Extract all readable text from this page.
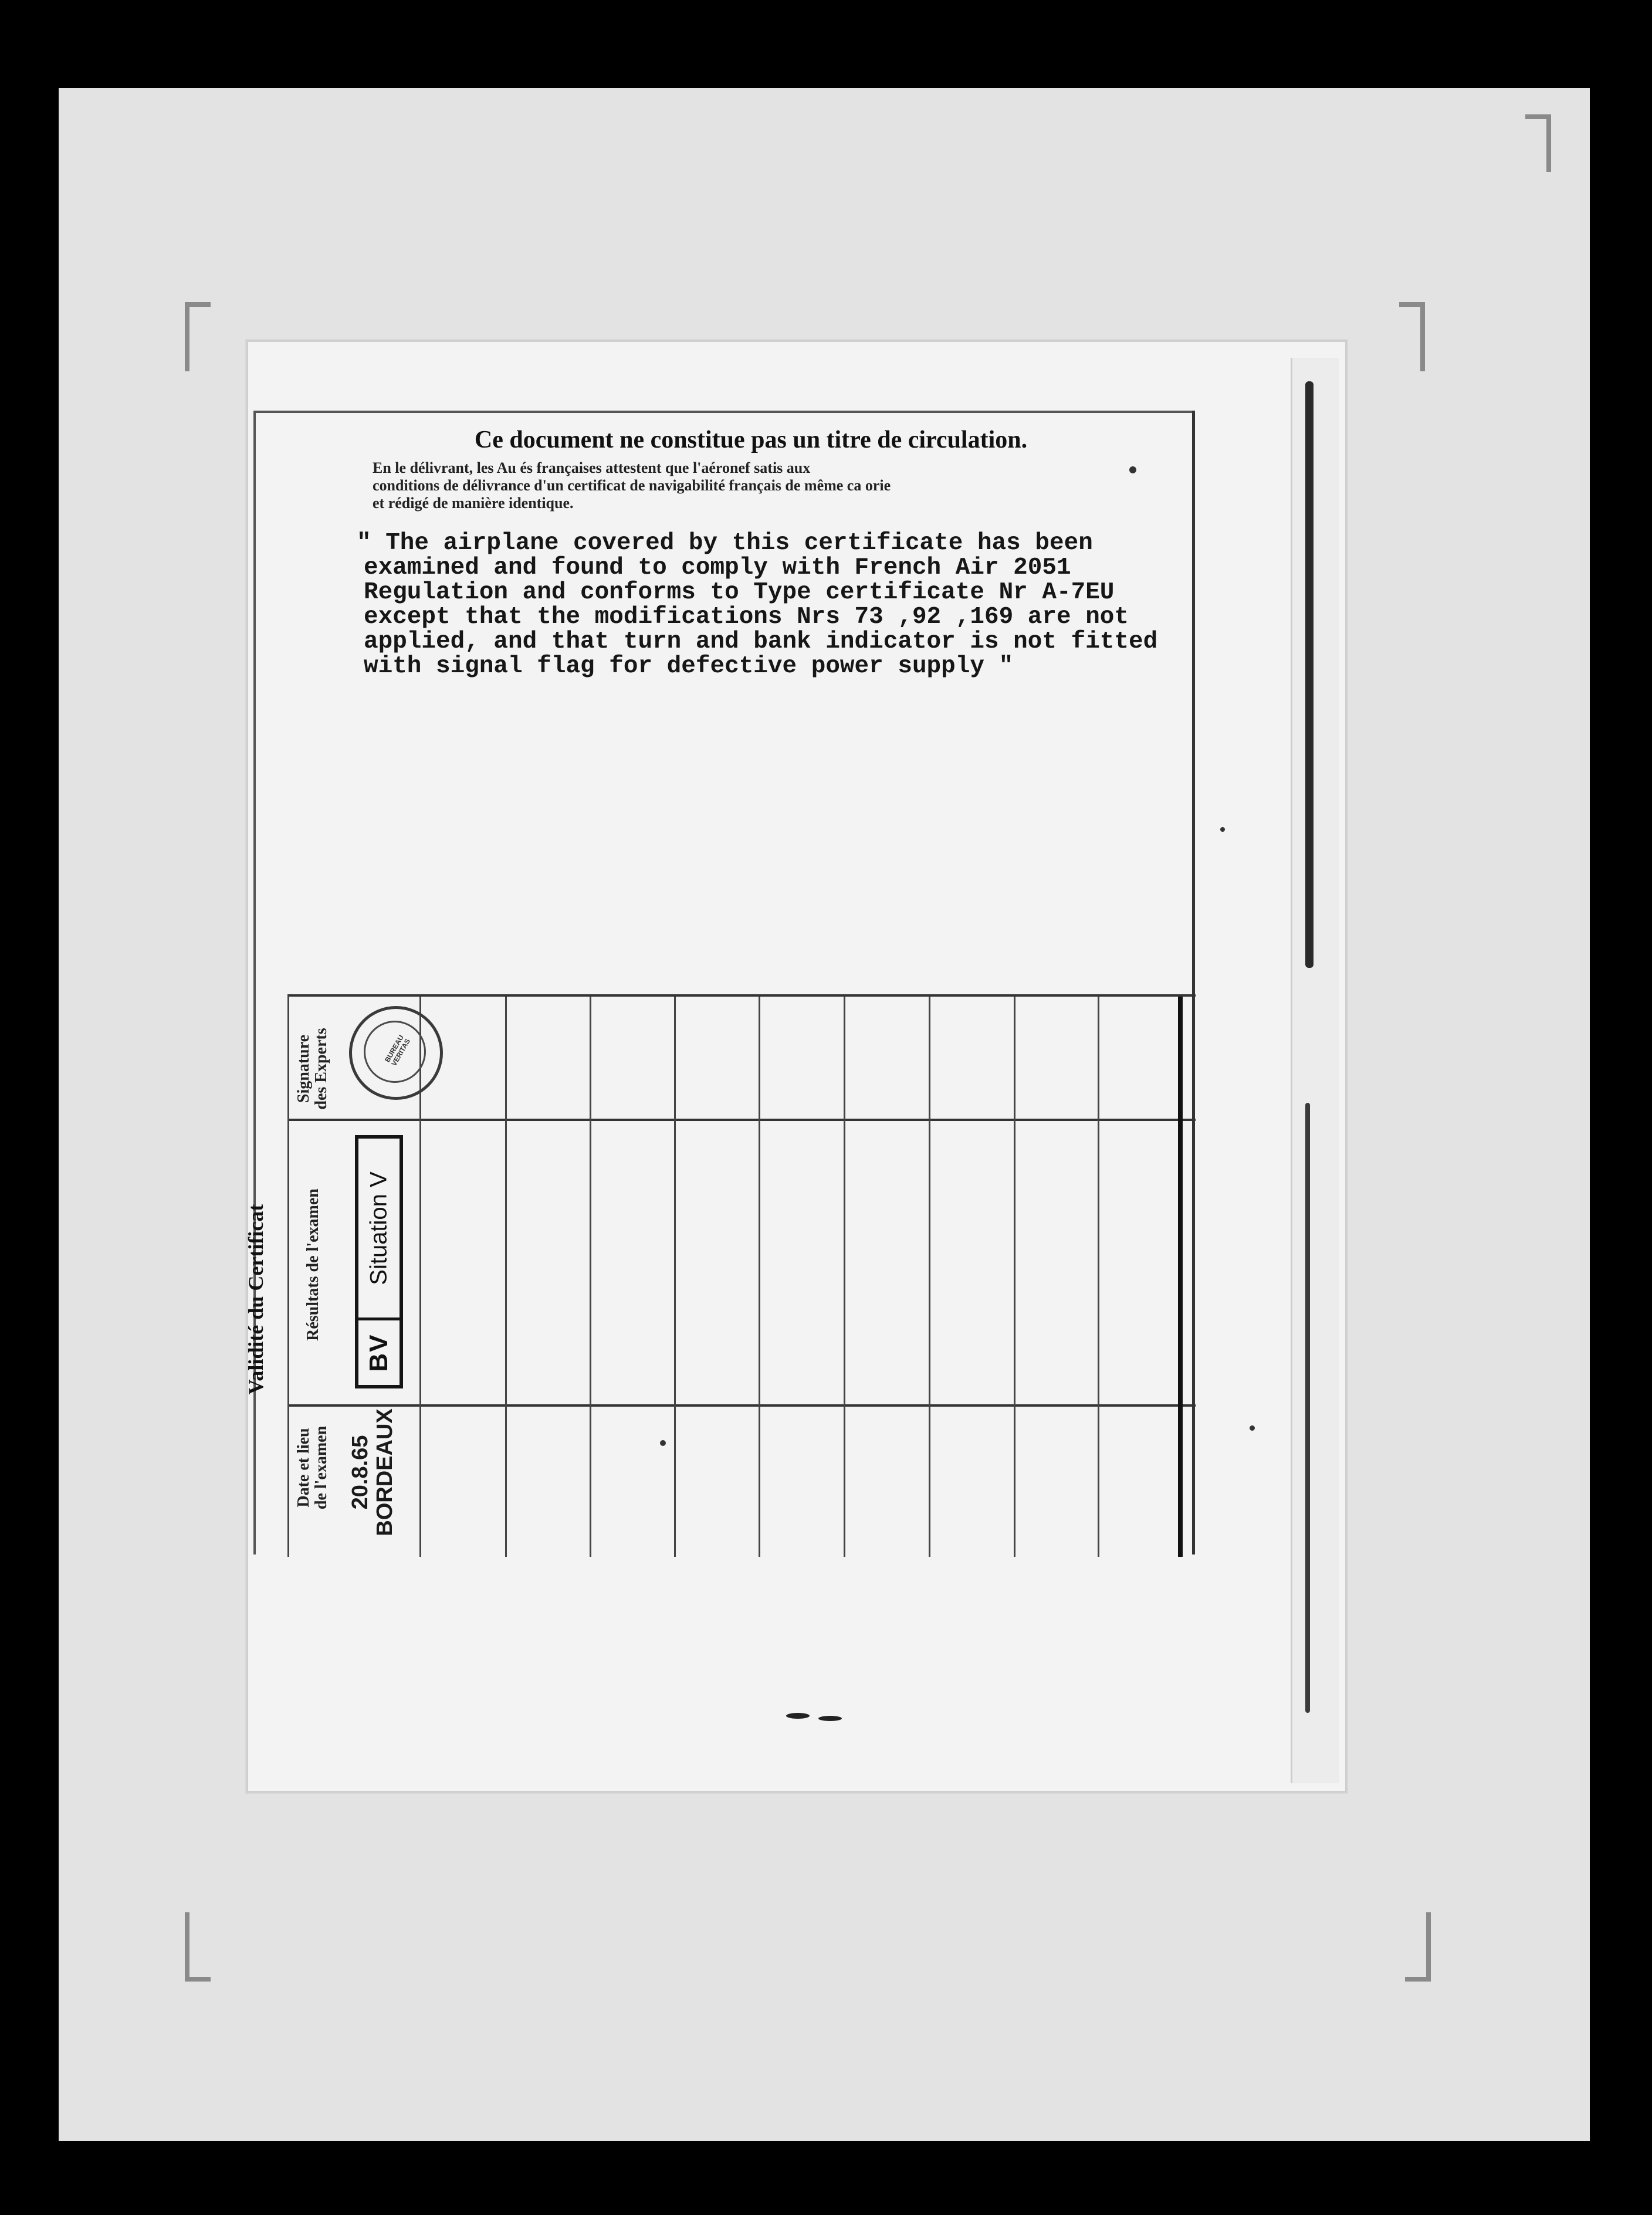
Ce document ne constitue pas un titre de circulation.
En le délivrant, les Au és françaises attestent que l'aéronef satis aux
conditions de délivrance d'un certificat de navigabilité français de même ca orie
et rédigé de manière identique.
" The airplane covered by this certificate has been
examined and found to comply with French Air 2051
Regulation and conforms to Type certificate Nr A-7EU
except that the modifications Nrs 73 ,92 ,169 are not
applied, and that turn and bank indicator is not fitted
with signal flag for defective power supply "
Validité du Certificat
Date et lieu de l'examen
Résultats de l'examen
Signature des Experts
20.8.65 BORDEAUX
Situation V
BV
BUREAU VERITAS
